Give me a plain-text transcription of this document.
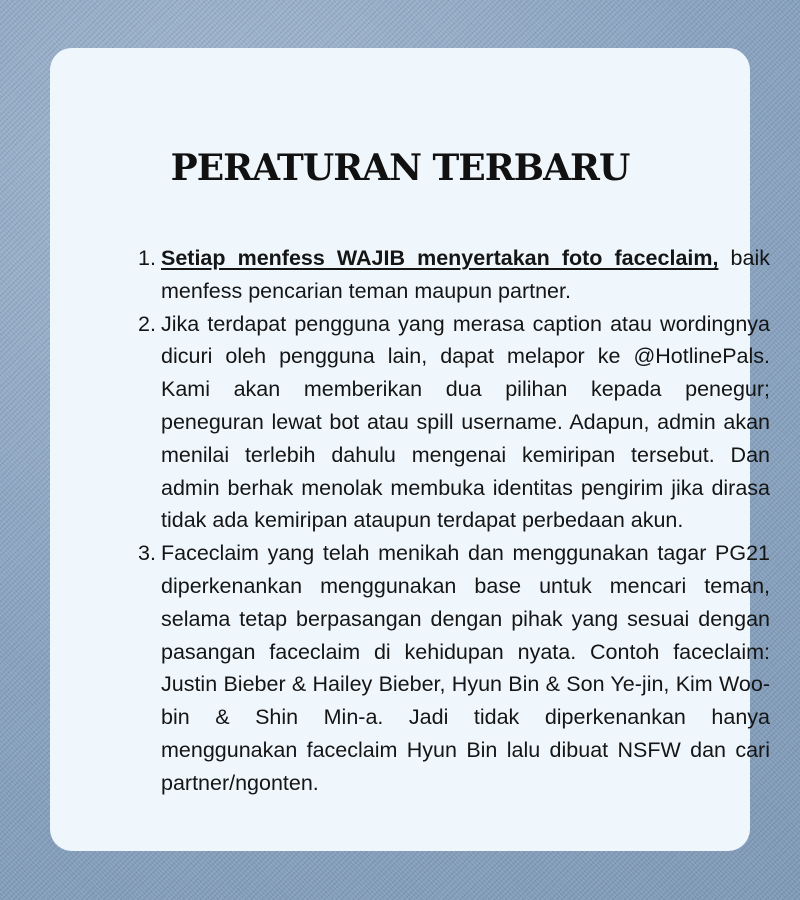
PERATURAN TERBARU
1. Setiap menfess WAJIB menyertakan foto faceclaim, baik menfess pencarian teman maupun partner.
2. Jika terdapat pengguna yang merasa caption atau wordingnya dicuri oleh pengguna lain, dapat melapor ke @HotlinePals. Kami akan memberikan dua pilihan kepada penegur; peneguran lewat bot atau spill username. Adapun, admin akan menilai terlebih dahulu mengenai kemiripan tersebut. Dan admin berhak menolak membuka identitas pengirim jika dirasa tidak ada kemiripan ataupun terdapat perbedaan akun.
3. Faceclaim yang telah menikah dan menggunakan tagar PG21 diperkenankan menggunakan base untuk mencari teman, selama tetap berpasangan dengan pihak yang sesuai dengan pasangan faceclaim di kehidupan nyata. Contoh faceclaim: Justin Bieber & Hailey Bieber, Hyun Bin & Son Ye-jin, Kim Woo-bin & Shin Min-a. Jadi tidak diperkenankan hanya menggunakan faceclaim Hyun Bin lalu dibuat NSFW dan cari partner/ngonten.
